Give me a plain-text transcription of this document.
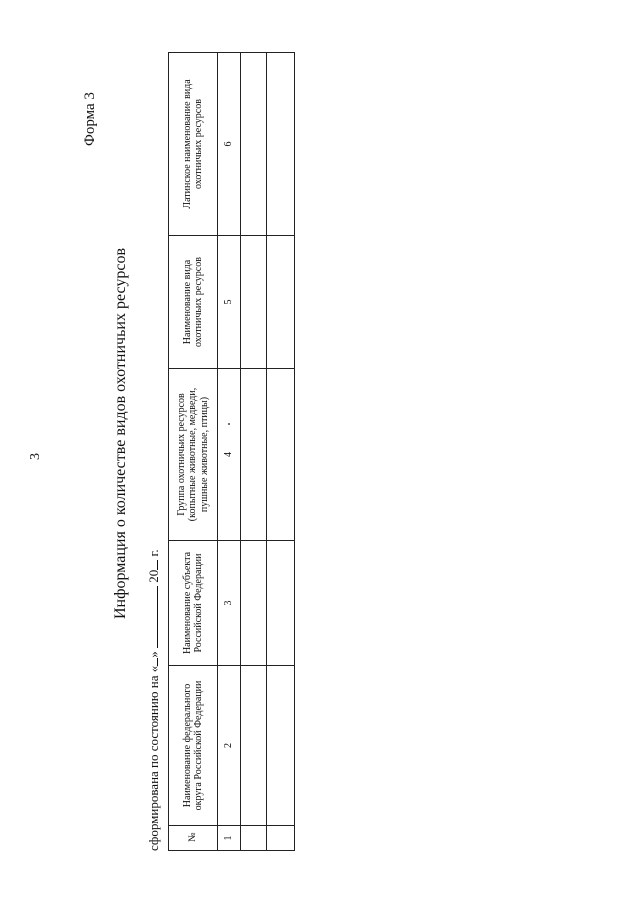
3
Форма 3
Информация о количестве видов охотничьих ресурсов
сформирована по состоянию на «»  20 г.
№	Наименование федерального округа Российской Федерации	Наименование субъекта Российской Федерации	Группа охотничьих ресурсов (копытные животные, медведи, пушные животные, птицы)	Наименование вида охотничьих ресурсов	Латинское наименование вида охотничьих ресурсов

1	2	3	4	5	6
